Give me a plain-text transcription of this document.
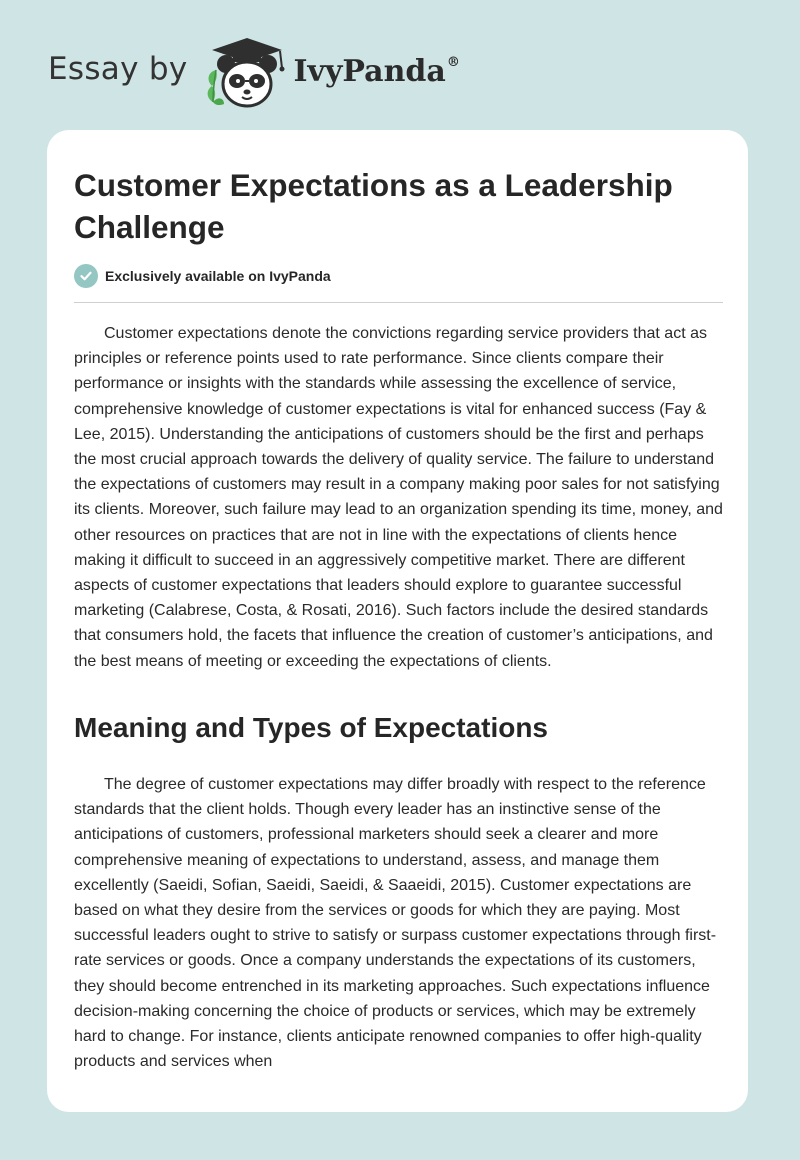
Essay by	IvyPanda®
Customer Expectations as a Leadership Challenge
Exclusively available on IvyPanda

Customer expectations denote the convictions regarding service providers that act as principles or reference points used to rate performance. Since clients compare their performance or insights with the standards while assessing the excellence of service, comprehensive knowledge of customer expectations is vital for enhanced success (Fay & Lee, 2015). Understanding the anticipations of customers should be the first and perhaps the most crucial approach towards the delivery of quality service. The failure to understand the expectations of customers may result in a company making poor sales for not satisfying its clients. Moreover, such failure may lead to an organization spending its time, money, and other resources on practices that are not in line with the expectations of clients hence making it difficult to succeed in an aggressively competitive market. There are different aspects of customer expectations that leaders should explore to guarantee successful marketing (Calabrese, Costa, & Rosati, 2016). Such factors include the desired standards that consumers hold, the facets that influence the creation of customer’s anticipations, and the best means of meeting or exceeding the expectations of clients.

Meaning and Types of Expectations

The degree of customer expectations may differ broadly with respect to the reference standards that the client holds. Though every leader has an instinctive sense of the anticipations of customers, professional marketers should seek a clearer and more comprehensive meaning of expectations to understand, assess, and manage them excellently (Saeidi, Sofian, Saeidi, Saeidi, & Saaeidi, 2015). Customer expectations are based on what they desire from the services or goods for which they are paying. Most successful leaders ought to strive to satisfy or surpass customer expectations through first-rate services or goods. Once a company understands the expectations of its customers, they should become entrenched in its marketing approaches. Such expectations influence decision-making concerning the choice of products or services, which may be extremely hard to change. For instance, clients anticipate renowned companies to offer high-quality products and services when
